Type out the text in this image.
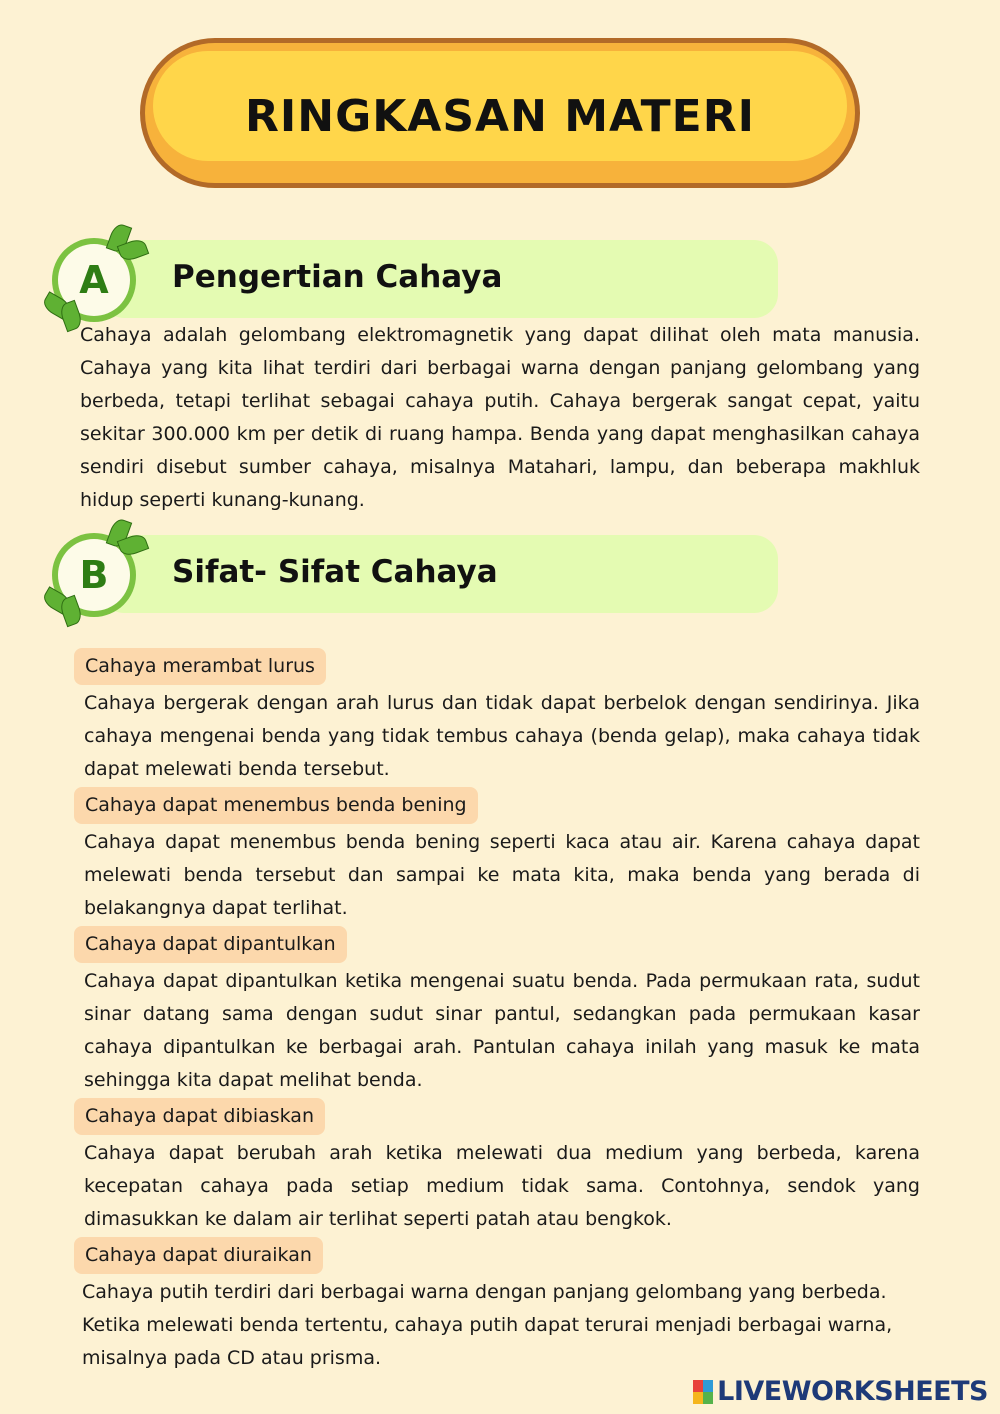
RINGKASAN MATERI
A	Pengertian Cahaya

Cahaya adalah gelombang elektromagnetik yang dapat dilihat oleh mata manusia. Cahaya yang kita lihat terdiri dari berbagai warna dengan panjang gelombang yang berbeda, tetapi terlihat sebagai cahaya putih. Cahaya bergerak sangat cepat, yaitu sekitar 300.000 km per detik di ruang hampa. Benda yang dapat menghasilkan cahaya sendiri disebut sumber cahaya, misalnya Matahari, lampu, dan beberapa makhluk hidup seperti kunang-kunang.

B	Sifat- Sifat Cahaya
Cahaya merambat lurus

Cahaya bergerak dengan arah lurus dan tidak dapat berbelok dengan sendirinya. Jika cahaya mengenai benda yang tidak tembus cahaya (benda gelap), maka cahaya tidak dapat melewati benda tersebut.

Cahaya dapat menembus benda bening

Cahaya dapat menembus benda bening seperti kaca atau air. Karena cahaya dapat melewati benda tersebut dan sampai ke mata kita, maka benda yang berada di belakangnya dapat terlihat.

Cahaya dapat dipantulkan

Cahaya dapat dipantulkan ketika mengenai suatu benda. Pada permukaan rata, sudut sinar datang sama dengan sudut sinar pantul, sedangkan pada permukaan kasar cahaya dipantulkan ke berbagai arah. Pantulan cahaya inilah yang masuk ke mata sehingga kita dapat melihat benda.

Cahaya dapat dibiaskan

Cahaya dapat berubah arah ketika melewati dua medium yang berbeda, karena kecepatan cahaya pada setiap medium tidak sama. Contohnya, sendok yang dimasukkan ke dalam air terlihat seperti patah atau bengkok.

Cahaya dapat diuraikan

Cahaya putih terdiri dari berbagai warna dengan panjang gelombang yang berbeda. Ketika melewati benda tertentu, cahaya putih dapat terurai menjadi berbagai warna, misalnya pada CD atau prisma.

LIVEWORKSHEETS
